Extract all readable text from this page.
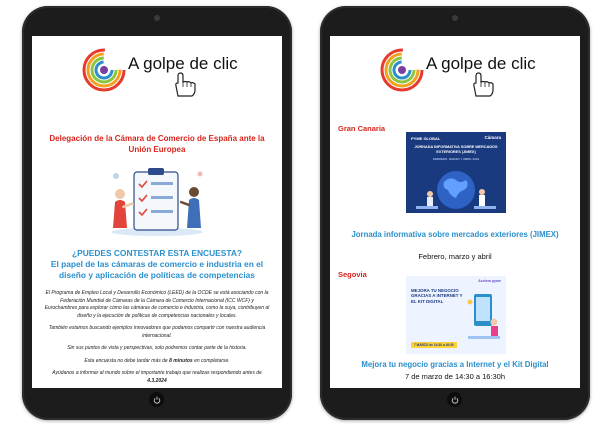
A golpe de clic
Delegación de la Cámara de Comercio de España ante la Unión Europea
¿PUEDES CONTESTAR ESTA ENCUESTA?
El papel de las cámaras de comercio e industria en el diseño y aplicación de políticas de competencias

El Programa de Empleo Local y Desarrollo Económico (LEED) de la OCDE se está asociando con la Federación Mundial de Cámaras de la Cámara de Comercio Internacional (ICC WCF) y Eurochambres para explorar cómo las cámaras de comercio e industria, como la suya, contribuyen al diseño y la ejecución de políticas de competencias nacionales y locales.

También estamos buscando ejemplos innovadores que podamos compartir con nuestra audiencia internacional.

Sin sus puntos de vista y perspectivas, solo podremos contar parte de la historia.

Esta encuesta no debe tardar más de 8 minutos en completarse.

Ayúdanos a informar al mundo sobre el importante trabajo que realizas respondiendo antes de 4.3.2024

A golpe de clic
Gran Canaria
PYME GLOBAL	Cámara
JORNADA INFORMATIVA SOBRE MERCADOS EXTERIORES (JIMEX)
FEBRERO, MARZO Y ABRIL 2024
Jornada informativa sobre mercados exteriores (JIMEX)
Febrero, marzo y abril
Segovia
Acelera pyme
MEJORA TU NEGOCIO GRACIAS A INTERNET Y EL KIT DIGITAL
7 MARZO de 14:30 a 16:30
Mejora tu negocio gracias a Internet y el Kit Digital
7 de marzo de 14:30 a 16:30h
